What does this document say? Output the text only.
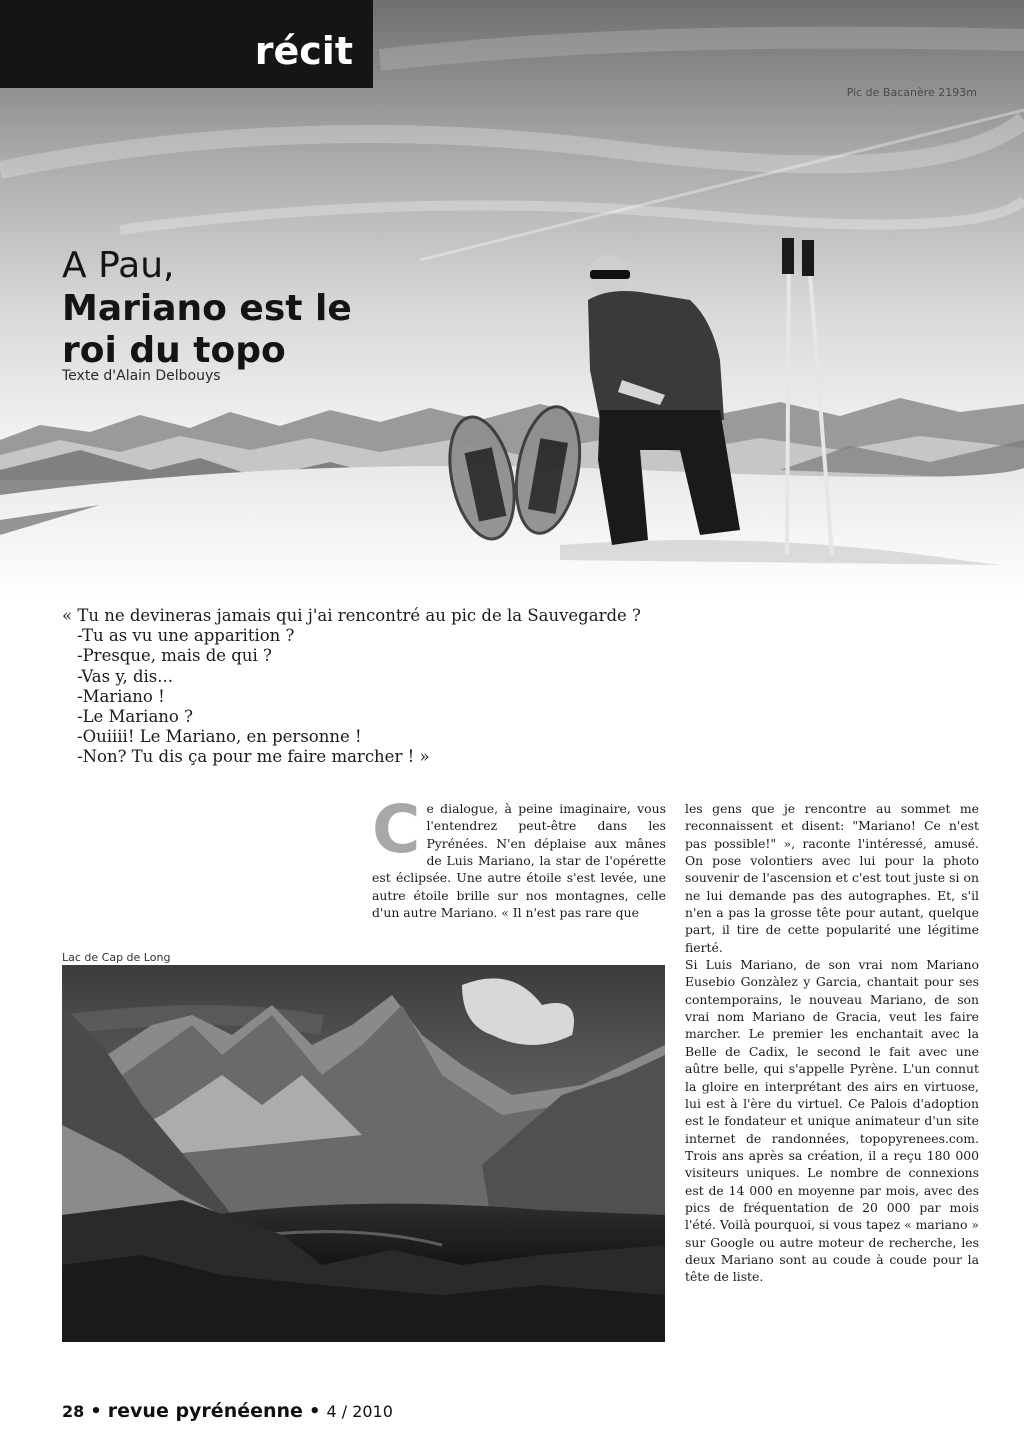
récit
Pic de Bacanère 2193m
A Pau,
Mariano est le
roi du topo
Texte d'Alain Delbouys
« Tu ne devineras jamais qui j'ai rencontré au pic de la Sauvegarde ?
-Tu as vu une apparition ?
-Presque, mais de qui ?
-Vas y, dis...
-Mariano !
-Le Mariano ?
-Ouiiii! Le Mariano, en personne !
-Non? Tu dis ça pour me faire marcher ! »
C e dialogue, à peine imaginaire, vous l'entendrez peut-être dans les Pyrénées. N'en déplaise aux mânes de Luis Mariano, la star de l'opérette est éclipsée. Une autre étoile s'est levée, une autre étoile brille sur nos montagnes, celle d'un autre Mariano. « Il n'est pas rare que
les gens que je rencontre au sommet me reconnaissent et disent: "Mariano! Ce n'est pas possible!" », raconte l'intéressé, amusé. On pose volontiers avec lui pour la photo souvenir de l'ascension et c'est tout juste si on ne lui demande pas des autographes. Et, s'il n'en a pas la grosse tête pour autant, quelque part, il tire de cette popularité une légitime fierté.
Si Luis Mariano, de son vrai nom Mariano Eusebio Gonzàlez y Garcia, chantait pour ses contemporains, le nouveau Mariano, de son vrai nom Mariano de Gracia, veut les faire marcher. Le premier les enchantait avec la Belle de Cadix, le second le fait avec une aûtre belle, qui s'appelle Pyrène. L'un connut la gloire en interprétant des airs en virtuose, lui est à l'ère du virtuel. Ce Palois d'adoption est le fondateur et unique animateur d'un site internet de randonnées, topopyrenees.com. Trois ans après sa création, il a reçu 180 000 visiteurs uniques. Le nombre de connexions est de 14 000 en moyenne par mois, avec des pics de fréquentation de 20 000 par mois l'été. Voilà pourquoi, si vous tapez « mariano » sur Google ou autre moteur de recherche, les deux Mariano sont au coude à coude pour la tête de liste.
Lac de Cap de Long
28 • revue pyrénéenne • 4 / 2010
